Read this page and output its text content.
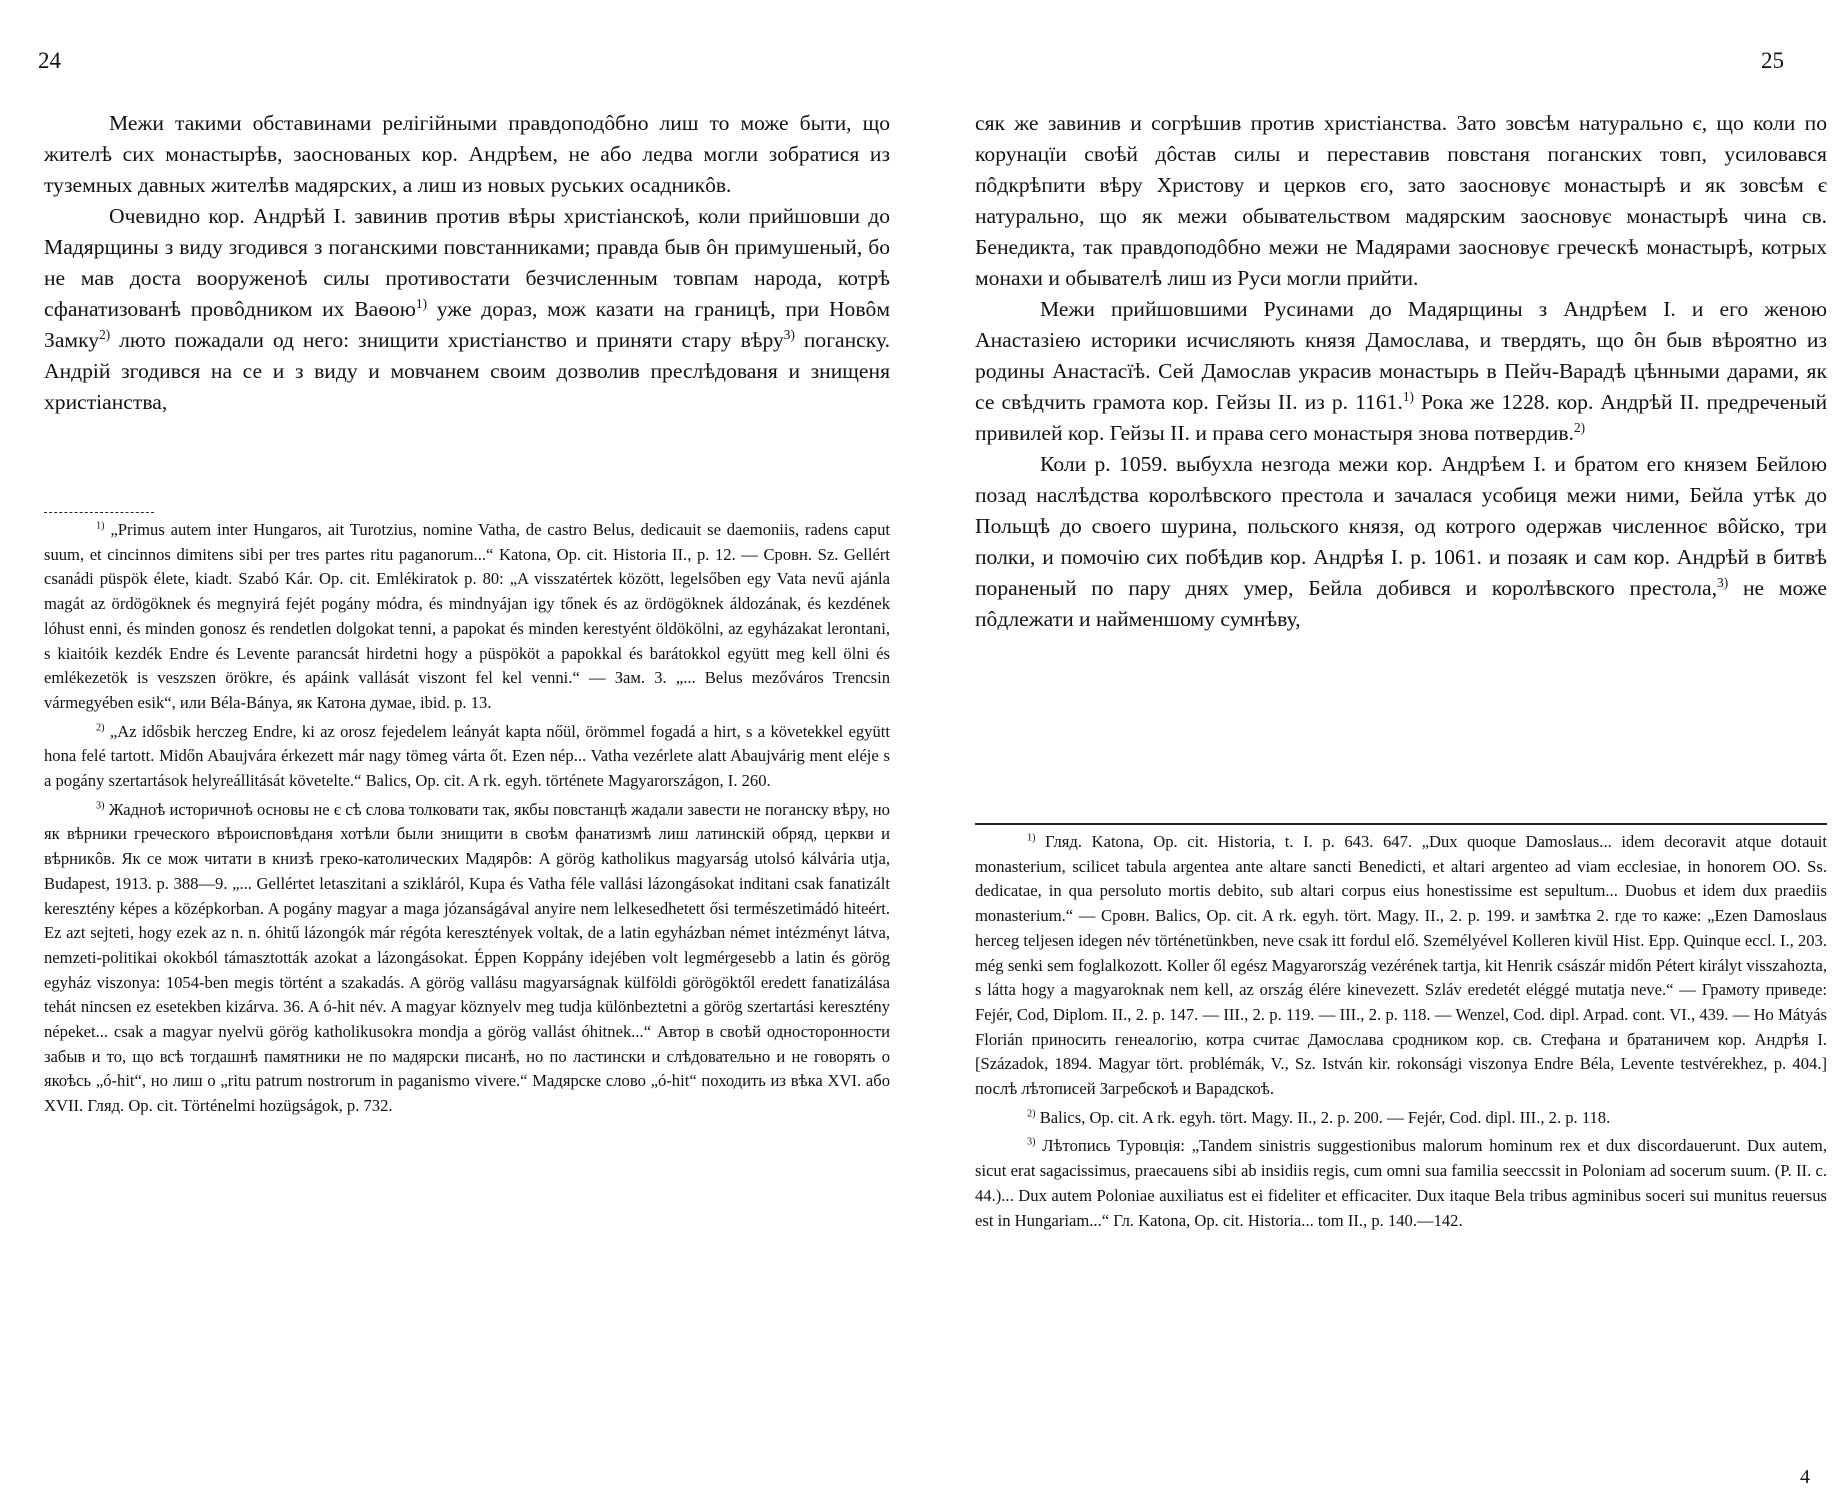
24

Межи такими обставинами релігійными правдоподôбно лиш то може быти, що жителѣ сих монастырѣв, заоснованых кор. Андрѣем, не або ледва могли зобратися из туземных давных жителѣв мадярских, а лиш из новых руських осадникôв.

Очевидно кор. Андрѣй І. завинив против вѣры христіанскоѣ, коли прийшовши до Мадярщины з виду згодився з поганскими повстанниками; правда быв ôн примушеный, бо не мав доста вооруженоѣ силы противостати безчисленным товпам народа, котрѣ сфанатизованѣ провôдником их Ваѳою$^{1)}$ уже дораз, мож казати на границѣ, при Новôм Замку$^{2)}$ люто пожадали од него: знищити христіанство и приняти стару вѣру$^{3)}$ поганску. Андрій згодився на се и з виду и мовчанем своим дозволив преслѣдованя и знищеня христіанства,

$^{1)}$ „Primus autem inter Hungaros, ait Turotzius, nomine Vatha, de castro Belus, dedicauit se daemoniis, radens caput suum, et cincinnos dimitens sibi per tres partes ritu paganorum...“ Katona, Op. cit. Historia II., p. 12. — Сровн. Sz. Gellért csanádi püspök élete, kiadt. Szabó Kár. Op. cit. Emlékiratok p. 80: „A visszatértek között, legelsőben egy Vata nevű ajánla magát az ördögöknek és megnyirá fejét pogány módra, és mindnyájan igy tőnek és az ördögöknek áldozának, és kezdének lóhust enni, és minden gonosz és rendetlen dolgokat tenni, a papokat és minden kerestyént öldökölni, az egyházakat lerontani, s kiaitóik kezdék Endre és Levente parancsát hirdetni hogy a püspököt a papokkal és barátokkol együtt meg kell ölni és emlékezetök is veszszen örökre, és apáink vallását viszont fel kel venni.“ — Зам. 3. „... Belus mezőváros Trencsin vármegyében esik“, или Béla-Bánya, як Катона думае, ibid. p. 13.

$^{2)}$ „Az idősbik herczeg Endre, ki az orosz fejedelem leányát kapta nőül, örömmel fogadá a hirt, s a követekkel együtt hona felé tartott. Midőn Abaujvára érkezett már nagy tömeg várta őt. Ezen nép... Vatha vezérlete alatt Abaujvárig ment eléje s a pogány szertartások helyreállitását követelte.“ Balics, Op. cit. A rk. egyh. története Magyarországon, I. 260.

$^{3)}$ Жадноѣ историчноѣ основы не є сѣ слова толковати так, якбы повстанцѣ жадали завести не поганску вѣру, но як вѣрники греческого вѣроисповѣданя хотѣли были знищити в своѣм фанатизмѣ лиш латинскій обряд, церкви и вѣрникôв. Як се мож читати в книзѣ греко-католических Мадярôв: A görög katholikus magyarság utolsó kálvária utja, Budapest, 1913. p. 388—9. „... Gellértet letaszitani a szikláról, Kupa és Vatha féle vallási lázongásokat inditani csak fanatizált keresztény képes a középkorban. A pogány magyar a maga józanságával anyire nem lelkesedhetett ősi természetimádó hiteért. Ez azt sejteti, hogy ezek az n. n. óhitű lázongók már régóta keresztények voltak, de a latin egyházban német intézményt látva, nemzeti-politikai okokból támasztották azokat a lázongásokat. Éppen Koppány idejében volt legmérgesebb a latin és görög egyház viszonya: 1054-ben megis történt a szakadás. A görög vallásu magyarságnak külföldi görögöktől eredett fanatizálása tehát nincsen ez esetekben kizárva. 36. A ó-hit név. A magyar köznyelv meg tudja különbeztetni a görög szertartási keresztény népeket... csak a magyar nyelvü görög katholikusokra mondja a görög vallást óhitnek...“ Автор в своѣй односторонности забыв и то, що всѣ тогдашнѣ памятники не по мадярски писанѣ, но по лаcтински и слѣдовательно и не говорять о якоѣсь „ó-hit“, но лиш о „ritu patrum nostrorum in paganismo vivere.“ Мадярске слово „ó-hit“ походить из вѣка XVI. або XVII. Гляд. Op. cit. Történelmi hozügságok, p. 732.

25

сяк же завинив и согрѣшив против христіанства. Зато зовсѣм натурально є, що коли по корунацїи своѣй дôстав силы и переставив повстаня поганских товп, усиловався пôдкрѣпити вѣру Христову и церков єго, зато заосновує монастырѣ и як зовсѣм є натурально, що як межи обывательством мадярским заосновує монастырѣ чина св. Бенедикта, так правдоподôбно межи не Мадярами заосновує греческѣ монастырѣ, котрых монахи и обывателѣ лиш из Руси могли прийти.

Межи прийшовшими Русинами до Мадярщины з Андрѣем І. и его женою Анастазiею историки исчисляють князя Дамослава, и твердять, що ôн быв вѣроятно из родины Анастасїѣ. Сей Дамослав украсив монастырь в Пейч-Варадѣ цѣнными дарами, як се свѣдчить грамота кор. Гейзы II. из р. 1161.$^{1)}$ Рока же 1228. кор. Андрѣй II. предреченый привилей кор. Гейзы II. и права сего монастыря знова потвердив.$^{2)}$

Коли р. 1059. выбухла незгода межи кор. Андрѣем І. и братом его князем Бейлою позад наслѣдства королѣвского престола и зачалася усобиця межи ними, Бейла утѣк до Польщѣ до своего шурина, польского князя, од котрого одержав численноє вôйско, три полки, и помочію сих побѣдив кор. Андрѣя І. р. 1061. и позаяк и сам кор. Андрѣй в битвѣ пораненый по пару днях умер, Бейла добився и королѣвского престола,$^{3)}$ не може пôдлежати и найменшому сумнѣву,

$^{1)}$ Гляд. Katona, Op. cit. Historia, t. I. p. 643. 647. „Dux quoque Damoslaus... idem decoravit atque dotauit monasterium, scilicet tabula argentea ante altare sancti Benedicti, et altari argenteo ad viam ecclesiae, in honorem OO. Ss. dedicatae, in qua persoluto mortis debito, sub altari corpus eius honestissime est sepultum... Duobus et idem dux praediis monasterium.“ — Сровн. Balics, Op. cit. A rk. egyh. tört. Magy. II., 2. p. 199. и замѣтка 2. где то каже: „Ezen Damoslaus herceg teljesen idegen név történetünkben, neve csak itt fordul elő. Személyével Kolleren kivül Hist. Epp. Quinque eccl. I., 203. még senki sem foglalkozott. Koller ől egész Magyarország vezérének tartja, kit Henrik császár midőn Pétert királyt visszahozta, s látta hogy a magyaroknak nem kell, az ország élére kinevezett. Szláv eredetét eléggé mutatja neve.“ — Грамоту приведе: Fejér, Cod, Diplom. II., 2. p. 147. — III., 2. p. 119. — III., 2. p. 118. — Wenzel, Cod. dipl. Arpad. cont. VI., 439. — Но Mátyás Florián приносить генеалогію, котра считає Дамослава сродником кор. св. Стефана и братаничем кор. Андрѣя І. [Századok, 1894. Magyar tört. problémák, V., Sz. István kir. rokonsági viszonya Endre Béla, Levente testvérekhez, p. 404.] послѣ лѣтописей Загребскоѣ и Варадскоѣ.

$^{2)}$ Balics, Op. cit. A rk. egyh. tört. Magy. II., 2. p. 200. — Fejér, Cod. dipl. III., 2. p. 118.

$^{3)}$ Лѣтопись Туровція: „Tandem sinistris suggestionibus malorum hominum rex et dux discordauerunt. Dux autem, sicut erat sagacissimus, praecauens sibi ab insidiis regis, cum omni sua familia seeccssit in Poloniam ad socerum suum. (P. II. c. 44.)... Dux autem Poloniae auxiliatus est ei fideliter et efficaciter. Dux itaque Bela tribus agminibus soceri sui munitus reuersus est in Hungariam...“ Гл. Katona, Op. cit. Historia... tom II., p. 140.—142.

4
